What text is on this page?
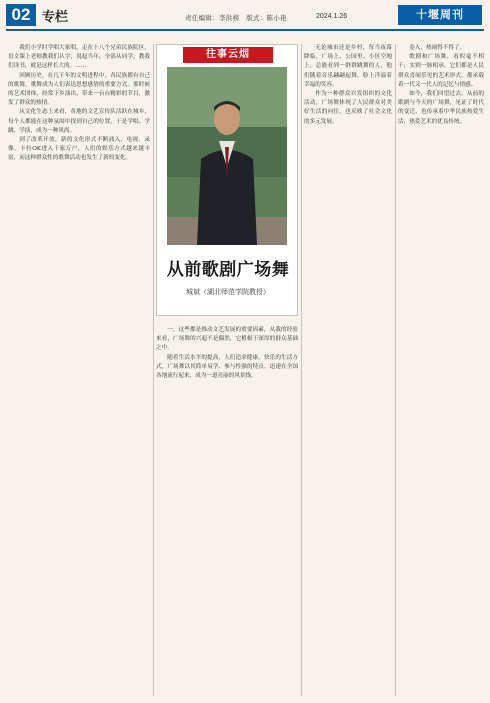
02 专栏	责任编辑：李洪榜　版式：陈小艳	2024.1.26	十堰周刊

我们小学时学唱大家唱，走在十八个兄弟民族院区，语文课上老师教我们认字，说起当年，全部从同学，教我们读书，就是这样长大的。……

回顾历史，在几千年的文明进程中，各民族都有自己的歌舞，歌舞成为人们表达思想感情的重要方式。那时候的艺术团体，经常下乡演出，带来一台台精彩的节目，激发了群众的热情。

从文化生态上来看，各地的文艺宣传队活跃在城乡，每个人都能在这种氛围中找到自己的位置，于是学唱、学跳、学演，成为一种风尚。

到了改革开放，新的文化形式不断涌入，电视、录像、卡拉OK进入千家万户，人们的娱乐方式越来越丰富，而这种群众性的歌舞活动也发生了新的变化。

往事云烟
从前歌剧广场舞
城斌（湖北师范学院教授）

一，这些都是推动文艺发展的重要因素，从我的经验来看，广场舞的兴起不是偶然，它植根于深厚的群众基础之中。

随着生活水平的提高，人们追求健康、快乐的生活方式，广场舞以其简单易学、参与性强的特点，迅速在全国各地流行起来，成为一道亮丽的风景线。

无论城市还是乡村，每当夜幕降临，广场上、公园里、小区空地上，总能看到一群群跳舞的人，他们随着音乐翩翩起舞，脸上洋溢着幸福的笑容。

作为一种群众自发组织的文化活动，广场舞体现了人民群众对美好生活的向往，也反映了社会文化的多元发展。

卷入，热闹得不得了。

歌剧和广场舞，看似毫不相干，实则一脉相承，它们都是人民群众喜闻乐见的艺术形式，都承载着一代又一代人的记忆与情感。

如今，我们回望过去，从前的歌剧与今天的广场舞，见证了时代的变迁，也传承着中华民族热爱生活、热爱艺术的优良传统。
